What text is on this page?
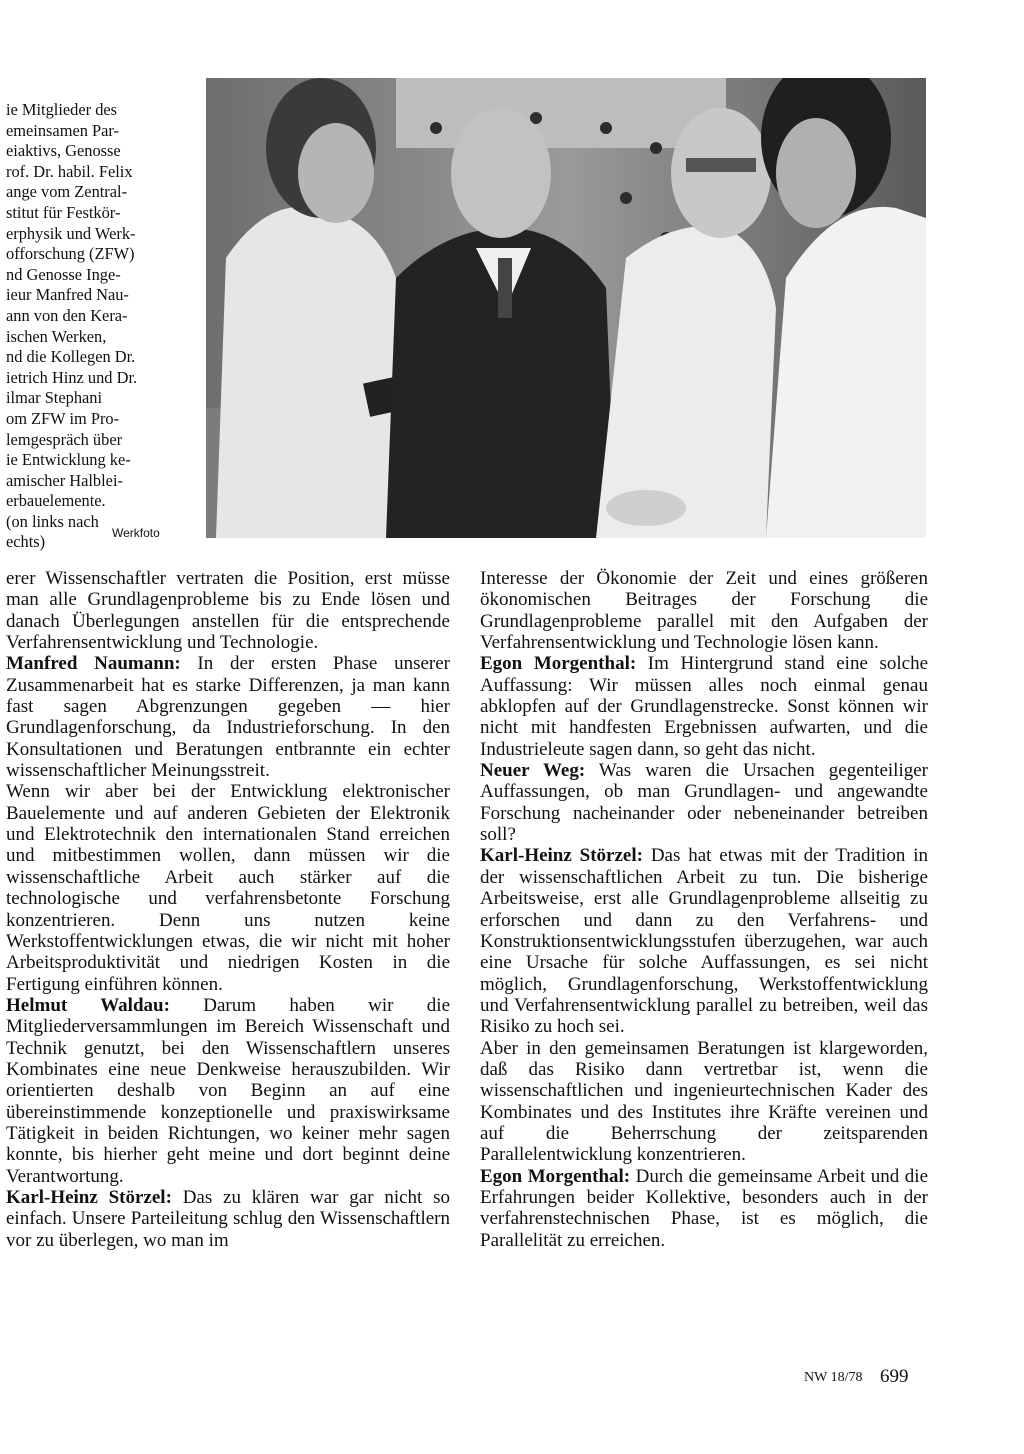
ie Mitglieder des
emeinsamen Par-
eiaktivs, Genosse
rof. Dr. habil. Felix
ange vom Zentral-
stitut für Festkör-
erphysik und Werk-
offorschung (ZFW)
nd Genosse Inge-
ieur Manfred Nau-
ann von den Kera-
ischen Werken,
nd die Kollegen Dr.
ietrich Hinz und Dr.
ilmar Stephani
om ZFW im Pro-
lemgespräch über
ie Entwicklung ke-
amischer Halblei-
erbauelemente.
(on links nach
echts)	Werkfoto

erer Wissenschaftler vertraten die Position, erst müsse man alle Grundlagenprobleme bis zu Ende lösen und danach Überlegungen anstellen für die entsprechende Verfahrensentwicklung und Technologie.

Manfred Naumann: In der ersten Phase unserer Zusammenarbeit hat es starke Differenzen, ja man kann fast sagen Abgrenzungen gegeben — hier Grundlagenforschung, da Industrieforschung. In den Konsultationen und Beratungen entbrannte ein echter wissenschaftlicher Meinungsstreit.

Wenn wir aber bei der Entwicklung elektronischer Bauelemente und auf anderen Gebieten der Elektronik und Elektrotechnik den internationalen Stand erreichen und mitbestimmen wollen, dann müssen wir die wissenschaftliche Arbeit auch stärker auf die technologische und verfahrensbetonte Forschung konzentrieren. Denn uns nutzen keine Werkstoffentwicklungen etwas, die wir nicht mit hoher Arbeitsproduktivität und niedrigen Kosten in die Fertigung einführen können.

Helmut Waldau: Darum haben wir die Mitgliederversammlungen im Bereich Wissenschaft und Technik genutzt, bei den Wissenschaftlern unseres Kombinates eine neue Denkweise herauszubilden. Wir orientierten deshalb von Beginn an auf eine übereinstimmende konzeptionelle und praxiswirksame Tätigkeit in beiden Richtungen, wo keiner mehr sagen konnte, bis hierher geht meine und dort beginnt deine Verantwortung.

Karl-Heinz Störzel: Das zu klären war gar nicht so einfach. Unsere Parteileitung schlug den Wissenschaftlern vor zu überlegen, wo man im

Interesse der Ökonomie der Zeit und eines größeren ökonomischen Beitrages der Forschung die Grundlagenprobleme parallel mit den Aufgaben der Verfahrensentwicklung und Technologie lösen kann.

Egon Morgenthal: Im Hintergrund stand eine solche Auffassung: Wir müssen alles noch einmal genau abklopfen auf der Grundlagenstrecke. Sonst können wir nicht mit handfesten Ergebnissen aufwarten, und die Industrieleute sagen dann, so geht das nicht.

Neuer Weg: Was waren die Ursachen gegenteiliger Auffassungen, ob man Grundlagen- und angewandte Forschung nacheinander oder nebeneinander betreiben soll?

Karl-Heinz Störzel: Das hat etwas mit der Tradition in der wissenschaftlichen Arbeit zu tun. Die bisherige Arbeitsweise, erst alle Grundlagenprobleme allseitig zu erforschen und dann zu den Verfahrens- und Konstruktionsentwicklungsstufen überzugehen, war auch eine Ursache für solche Auffassungen, es sei nicht möglich, Grundlagenforschung, Werkstoffentwicklung und Verfahrensentwicklung parallel zu betreiben, weil das Risiko zu hoch sei.

Aber in den gemeinsamen Beratungen ist klargeworden, daß das Risiko dann vertretbar ist, wenn die wissenschaftlichen und ingenieurtechnischen Kader des Kombinates und des Institutes ihre Kräfte vereinen und auf die Beherrschung der zeitsparenden Parallelentwicklung konzentrieren.

Egon Morgenthal: Durch die gemeinsame Arbeit und die Erfahrungen beider Kollektive, besonders auch in der verfahrenstechnischen Phase, ist es möglich, die Parallelität zu erreichen.

NW 18/78 699
